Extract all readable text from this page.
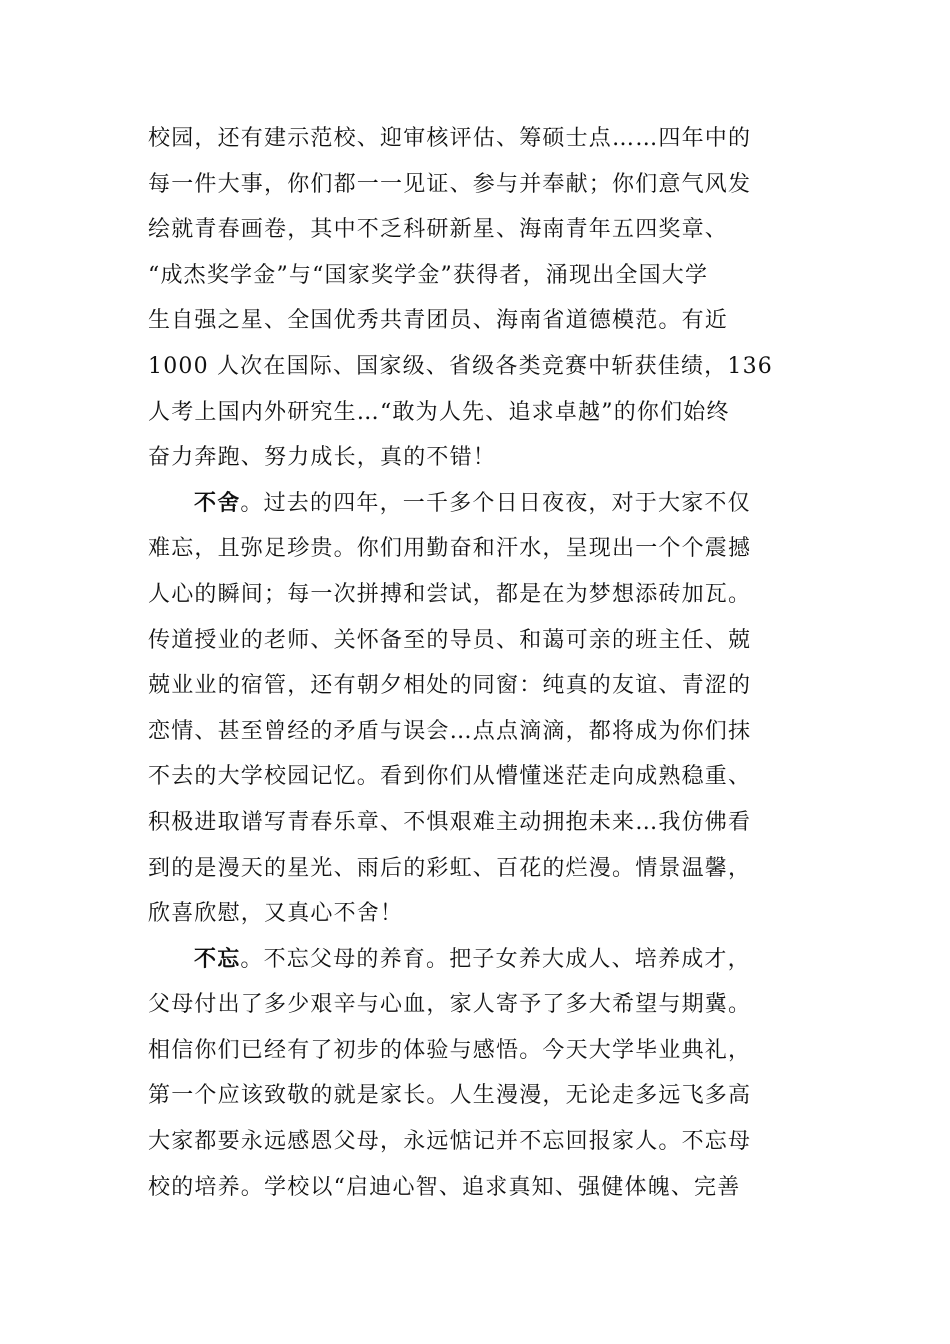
校园，还有建示范校、迎审核评估、筹硕士点……四年中的
每一件大事，你们都一一见证、参与并奉献；你们意气风发
绘就青春画卷，其中不乏科研新星、海南青年五四奖章、
“成杰奖学金”与“国家奖学金”获得者，涌现出全国大学
生自强之星、全国优秀共青团员、海南省道德模范。有近
1000 人次在国际、国家级、省级各类竞赛中斩获佳绩，136
人考上国内外研究生…“敢为人先、追求卓越”的你们始终
奋力奔跑、努力成长，真的不错！
不舍。过去的四年，一千多个日日夜夜，对于大家不仅
难忘，且弥足珍贵。你们用勤奋和汗水，呈现出一个个震撼
人心的瞬间；每一次拼搏和尝试，都是在为梦想添砖加瓦。
传道授业的老师、关怀备至的导员、和蔼可亲的班主任、兢
兢业业的宿管，还有朝夕相处的同窗：纯真的友谊、青涩的
恋情、甚至曾经的矛盾与误会…点点滴滴，都将成为你们抹
不去的大学校园记忆。看到你们从懵懂迷茫走向成熟稳重、
积极进取谱写青春乐章、不惧艰难主动拥抱未来…我仿佛看
到的是漫天的星光、雨后的彩虹、百花的烂漫。情景温馨，
欣喜欣慰，又真心不舍！
不忘。不忘父母的养育。把子女养大成人、培养成才，
父母付出了多少艰辛与心血，家人寄予了多大希望与期冀。
相信你们已经有了初步的体验与感悟。今天大学毕业典礼，
第一个应该致敬的就是家长。人生漫漫，无论走多远飞多高
大家都要永远感恩父母，永远惦记并不忘回报家人。不忘母
校的培养。学校以“启迪心智、追求真知、强健体魄、完善
